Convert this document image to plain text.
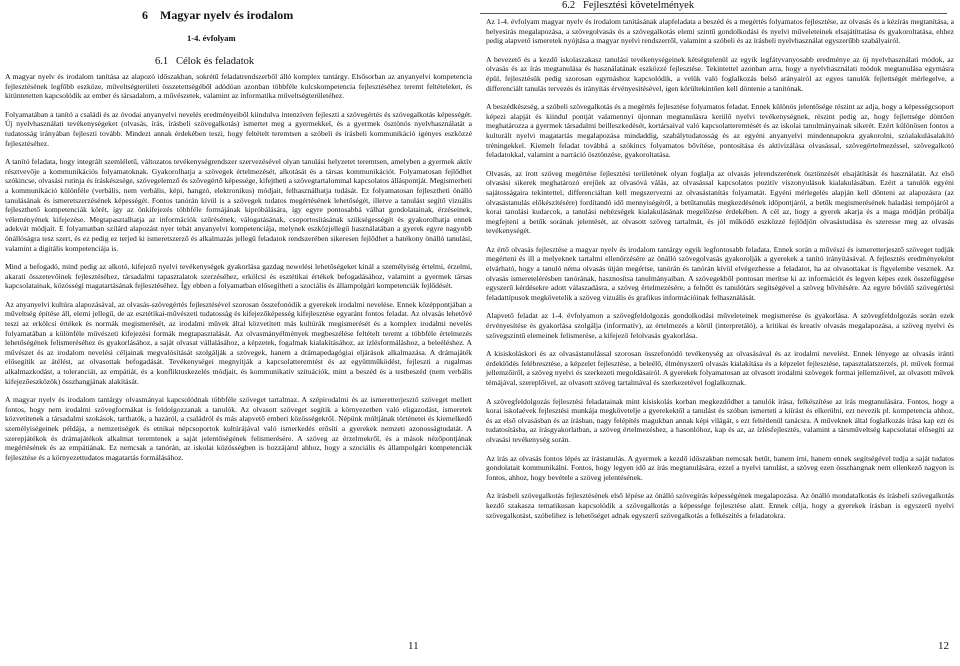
6 Magyar nyelv és irodalom
1-4. évfolyam
6.1 Célok és feladatok

A magyar nyelv és irodalom tanítása az alapozó időszakban, sokrétű feladatrendszerből álló komplex tantárgy. Elsősorban az anyanyelvi kompetencia fejlesztésének legfőbb eszköze, műveltségterületi összetettségéből adódóan azonban többféle kulcskompetencia fejlesztéséhez teremt feltételeket, és kitüntetetten kapcsolódik az ember és társadalom, a művészetek, valamint az informatika műveltségterületéhez.

Folyamatában a tanító a családi és az óvodai anyanyelvi nevelés eredményeiből kiindulva intenzíven fejleszti a szövegértés és szövegalkotás képességét. Új nyelvhasználati tevékenységeket (olvasás, írás, írásbeli szövegalkotás) ismertet meg a gyermekkel, és a gyermek ösztönös nyelvhasználatát a tudatosság irányában fejleszti tovább. Mindezt annak érdekében teszi, hogy feltételt teremtsen a szóbeli és írásbeli kommunikáció igényes eszközzé fejlesztéséhez.

A tanító feladata, hogy integrált szemléletű, változatos tevékenységrendszer szervezésével olyan tanulási helyzetet teremtsen, amelyben a gyermek aktív résztvevője a kommunikációs folyamatoknak. Gyakorolhatja a szövegek értelmezését, alkotását és a társas kommunikációt. Folyamatosan fejlődhet szókincse, olvasási rutinja és íráskészsége, szövegelemző és szövegértő képessége, kifejtheti a szövegtartalommal kapcsolatos álláspontját. Megismerheti a kommunikáció különféle (verbális, nem verbális, képi, hangzó, elektronikus) módjait, felhasználhatja tudását. Ez folyamatosan fejlesztheti önálló tanulásának és ismeretszerzésének képességét. Fontos tanórán kívül is a szövegek tudatos megértésének lehetőségét, illetve a tanulást segítő vizuális fejleszthető kompetenciák körét, így az önkifejezés többféle formájának kipróbálására, így egyre pontosabbá válhat gondolatainak, érzéseinek, véleményének kifejezése. Megtapasztalhatja az információk szűrésének, válogatásának, csoportosításának szükségességét és gyakorolhatja ennek adekvát módjait. E folyamatban szilárd alapozást nyer tehát anyanyelvi kompetenciája, melynek eszközjellegű használatában a gyerek egyre nagyobb önállóságra tesz szert, és ez pedig ez terjed ki ismeretszerző és alkalmazás jellegű feladatok rendszerében sikeresen fejlődhet a hatékony önálló tanulási, valamint a digitális kompetenciája is.

Mind a befogadó, mind pedig az alkotó, kifejező nyelvi tevékenységek gyakorlása gazdag newelési lehetőségeket kínál a személyiség értelmi, érzelmi, akarati összetevőinek fejlesztéséhez, társadalmi tapasztalatok szerzéséhez, erkölcsi és esztétikai értékek befogadásához, valamint a gyermek társas kapcsolatainak, közösségi magatartásának fejlesztéséhez. Így ebben a folyamatban elősegítheti a szociális és állampolgári kompetenciák fejlődését.

Az anyanyelvi kultúra alapozásával, az olvasás-szövegértés fejlesztésével szorosan összefonódik a gyerekek irodalmi nevelése. Ennek középpontjában a műveltség építése áll, elemi jellegű, de az esztétikai-művészeti tudatosság és kifejezőképesség kifejlesztése egyaránt fontos feladat. Az olvasás lehetővé teszi az erkölcsi értékek és normák megismerését, az irodalmi művek által közvetített más kultúrák megismerését és a komplex irodalmi nevelés folyamatában a különféle művészeti kifejezési formák megtapasztalását. Az olvasmányélmények megbeszélése feltételt teremt a többféle értelmezés lehetőségének felismeréséhez és gyakorlásához, a saját olvasat vállalásához, a képzetek, fogalmak kialakításához, az ízlésformáláshoz, a beleéléshez. A művészet és az irodalom nevelési céljainak megvalósítását szolgálják a szövegek, hanem a drámapedagógiai eljárások alkalmazása. A drámajáték elősegítik az átélést, az olvasottak befogadását. Tevékenységei megnyitják a kapcsolatteremtést és az együttműködést, fejleszti a rugalmas alkalmazkodást, a toleranciát, az empátiát, és a konfliktuskezelés módjait, és kommunikatív szituációk, mint a beszéd és a testbeszéd (nem verbális kifejezőeszközök) összhangjának alakítását.

A magyar nyelv és irodalom tantárgy olvasmányai kapcsolódnak többféle szöveget tartalmaz. A szépirodalmi és az ismeretterjesztő szöveget mellett fontos, hogy nem irodalmi szövegformákat is feldolgozzanak a tanulók. Az olvasott szöveget segítik a környezetben való eligazodást, ismeretek közvetítenek a társadalmi szokások, tarthatók, a hazáról, a családról és más alapvető emberi közösségekről. Népünk múltjának történetei és kiemelkedő személyiségeinek példája, a nemzetiségek és etnikai népcsoportok kultúrájával való ismerkedés erősíti a gyerekek nemzeti azonosságtudatát. A szerepjátékok és drámajátékok alkalmat teremtenek a saját jelentőségének felismerésére. A szöveg az érzelmekről, és a mások nézőpontjának megértésének és az empátiának. Ez nemcsak a tanórán, az iskolai közösségben is hozzájárul ahhoz, hogy a szociális és állampolgári kompetenciák fejlesztése és a környezettudatos magatartás formálásához.

11
6.2 Fejlesztési követelmények

Az 1-4. évfolyam magyar nyelv és irodalom tanításának alapfeladata a beszéd és a megértés folyamatos fejlesztése, az olvasás és a kézírás megtanítása, a helyesírás megalapozása, a szövegolvasás és a szövegalkotás elemi szintű gondolkodási és nyelvi műveleteinek elsajátíttatása és gyakoroltatása, ehhez pedig alapvető ismeretek nyújtása a magyar nyelvi rendszerről, valamint a szóbeli és az írásbeli nyelvhasználat egyszerűbb szabályairól.

A bevezető és a kezdő iskolaszakasz tanulási tevékenységeinek kétségtelenül az egyik legfátyvanyosabb eredménye az új nyelvhasználati módok, az olvasás és az írás megtanulása és használatának eszközzé fejlesztése. Tekintettel azonban arra, hogy a nyelvhasználati módok megtanulása egymásra épül, fejlesztésük pedig szorosan egymáshoz kapcsolódik, a velük való foglalkozás belső arányairól az egyes tanulók fejlettségét mérlegelve, a differenciált tanulás tervezés és irányítás érvényesítésével, igen körültekintően kell döntenie a tanítónak.

A beszédkészség, a szóbeli szövegalkotás és a megértés fejlesztése folyamatos feladat. Ennek különös jelentősége részint az adja, hogy a képességcsoport képezi alapját és kiindul pontját valamennyi újonnan megtanulásra kerülő nyelvi tevékenységnek, részint pedig az, hogy fejlettsége döntően meghatározza a gyermek társadalmi beilleszkedését, kortársaival való kapcsolatteremtését és az iskolai tanulmányainak sikerét. Ezért különösen fontos a kulturált nyelvi magatartás megalapozása mindaddig, szabálytudatosság és az egyéni anyanyelvi mindennapokra gyakorolni, szóalakulásalakító tréningekkel. Kiemelt feladat továbbá a szókincs folyamatos bővítése, pontosítása és aktivizálása olvasással, szövegértelmezéssel, szövegalkotó feladatokkal, valamint a narráció ösztönzése, gyakoroltatása.

Olvasás, az írott szöveg megértése fejlesztési területének olyan foglalja az olvasás jelrendszerének ösztönzését elsajátítását és használatát. Az első olvasási sikerek meghatározó erejűek az olvasóvá válás, az olvasással kapcsolatos pozitív viszonyulások kialakulásában. Ezért a tanulók egyéni sajátosságaira tekintettel, differenciáltan kell megszervezni az olvasástanítás folyamatát. Egyéni mérlegelés alapján kell dönteni az alapozásra (az olvasástanulás előkészítésére) fordítandó idő mennyiségéről, a betűtanulás megkezdésének időpontjáról, a betűk megismerésének haladási tempójáról a korai tanulási kudarcok, a tanulási nehézségek kialakulásának megelőzése érdekében. A cél az, hogy a gyerek akarja és a maga módján próbálja megfejteni a betűk sorának jelentését, az olvasott szöveg tartalmát, és jól működő eszközzé fejlődjön olvasástudása és szeresse meg az olvasás tevékenységét.

Az értő olvasás fejlesztése a magyar nyelv és irodalom tantárgy egyik legfontosabb feladata. Ennek során a művészi és ismeretterjesztő szöveget tudják megérteni és ill a melyeknek tartalmi ellenőrzésére az önálló szövegolvasás gyakorolják a gyerekek a tanító irányításával. A fejlesztés eredményeként elvárható, hogy a tanuló néma olvasás útján megértse, tanórán és tanórán kívül elvégezhesse a feladatot, ha az olvasottakat is figyelembe vesznek. Az olvasás ismeretelérésben tanórának, hasznosítsa tanulmányaiban. A szövegekből pontosan merítse ki az információt és legyen képes ezek összefüggése egyszerű kérdésekre adott válaszadásra, a szöveg értelmezésére, a felnőtt és tanulótárs segítségével a szöveg bővítésére. Az egyre bővülő szövegértési feladattípusok megkövetelik a szöveg vizuális és grafikus információinak felhasználását.

Alapvető feladat az 1-4. évfolyamon a szövegfeldolgozás gondolkodási műveleteinek megismerése és gyakorlása. A szövegfeldolgozás során ezek érvényesítése és gyakorlása szolgálja (informatív), az értelmezés a körül (interpretáló), a kritikai és kreatív olvasás megalapozása, a szöveg nyelvi és szövegszintű elemeinek felismerése, a kifejező felolvasás gyakorlása.

A kisiskoláskori és az olvasástanulással szorosan összefonódó tevékenység az olvasásával és az irodalmi nevelést. Ennek lényege az olvasás iránti érdeklődés felébresztése, a képzelet fejlesztése, a beleélő, élményszerű olvasás kialakítása és a képzelet fejlesztése, tapasztalatszerzés, pl. művek formai jellemzőiről, a szöveg nyelvi és szerkezeti megoldásairól. A gyerekek folyamatosan az olvasott irodalmi szövegek formai jellemzőivel, az olvasott művek témájával, szereplőivel, az olvasott szöveg tartalmával és szerkezetével foglalkoznak.

A szövegfeldolgozás fejlesztési feladatainak mint kisiskolás korban megkezdődhet a tanulók írása, felkészítése az írás megtanulására. Fontos, hogy a korai iskolaévek fejlesztési munkája megkövetelje a gyerekektől a tanulást és szóban ismerteti a kiírást és elkerülni, ezt nevezik pl. kompetencia ahhoz, és az első olvasásban és az írásban, nagy felépítés magukban annak képi világát, s ezt feltétlenül tanácsra. A műveknek által foglalkozás írása kap ezt és tudatosításba, az írásgyakorlatban, a szöveg értelmezéshez, a hasonlóhoz, kap és az, az ízlésfejlesztés, valamint a társműveltség kapcsolatai elősegíti az olvasási tevékenység során.

Az írás az olvasás fontos lépés az írástanulás. A gyermek a kezdő időszakban nemcsak betűt, hanem írni, hanem ennek segítségével tudja a saját tudatos gondolatait kommunikálni. Fontos, hogy legyen idő az írás megtanulására, ezzel a nyelvi tanulást, a szöveg ezen összhangnak nem ellenkező nagyon is fontos, ahhoz, hogy bevétele a szöveg jelentésének.

Az írásbeli szövegalkotás fejlesztésének első lépése az önálló szövegírás képességének megalapozása. Az önálló mondatalkotás és írásbeli szövegalkotás kezdő szakasza tematikusan kapcsolódik a szövegalkotás a képessége fejlesztése alatt. Ennek célja, hogy a gyerekek írásban is egyszerű nyelvi szövegalkotást, szóbelihez is lehetőséget adnak egyszerű szövegalkotás a felkészítés a feladatokra.

12
